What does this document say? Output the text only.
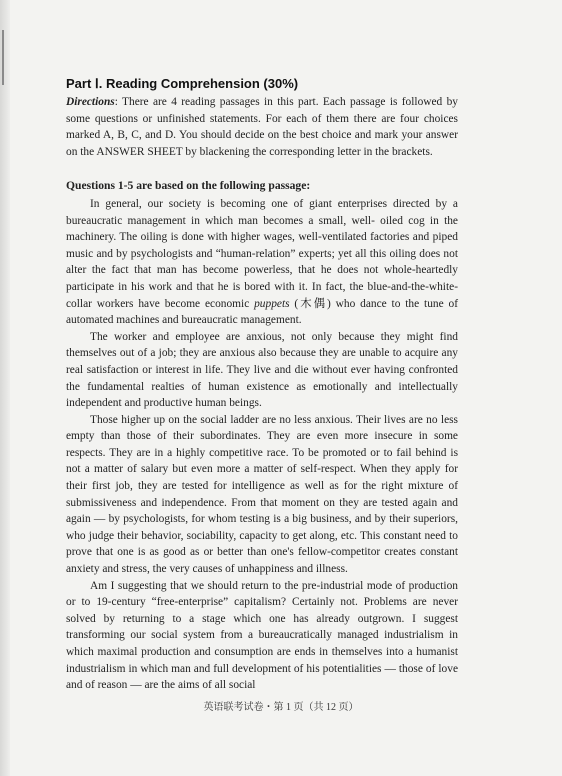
Part Ⅰ. Reading Comprehension (30%)

Directions: There are 4 reading passages in this part. Each passage is followed by some questions or unfinished statements. For each of them there are four choices marked A, B, C, and D. You should decide on the best choice and mark your answer on the ANSWER SHEET by blackening the corresponding letter in the brackets.

Questions 1-5 are based on the following passage:

In general, our society is becoming one of giant enterprises directed by a bureaucratic management in which man becomes a small, well- oiled cog in the machinery. The oiling is done with higher wages, well-ventilated factories and piped music and by psychologists and “human-relation” experts; yet all this oiling does not alter the fact that man has become powerless, that he does not whole-heartedly participate in his work and that he is bored with it. In fact, the blue-and-the-white-collar workers have become economic puppets (木偶) who dance to the tune of automated machines and bureaucratic management.

The worker and employee are anxious, not only because they might find themselves out of a job; they are anxious also because they are unable to acquire any real satisfaction or interest in life. They live and die without ever having confronted the fundamental realties of human existence as emotionally and intellectually independent and productive human beings.

Those higher up on the social ladder are no less anxious. Their lives are no less empty than those of their subordinates. They are even more insecure in some respects. They are in a highly competitive race. To be promoted or to fail behind is not a matter of salary but even more a matter of self-respect. When they apply for their first job, they are tested for intelligence as well as for the right mixture of submissiveness and independence. From that moment on they are tested again and again — by psychologists, for whom testing is a big business, and by their superiors, who judge their behavior, sociability, capacity to get along, etc. This constant need to prove that one is as good as or better than one's fellow-competitor creates constant anxiety and stress, the very causes of unhappiness and illness.

Am I suggesting that we should return to the pre-industrial mode of production or to 19-century “free-enterprise” capitalism? Certainly not. Problems are never solved by returning to a stage which one has already outgrown. I suggest transforming our social system from a bureaucratically managed industrialism in which maximal production and consumption are ends in themselves into a humanist industrialism in which man and full development of his potentialities — those of love and of reason — are the aims of all social

英语联考试卷・第 1 页（共 12 页）
